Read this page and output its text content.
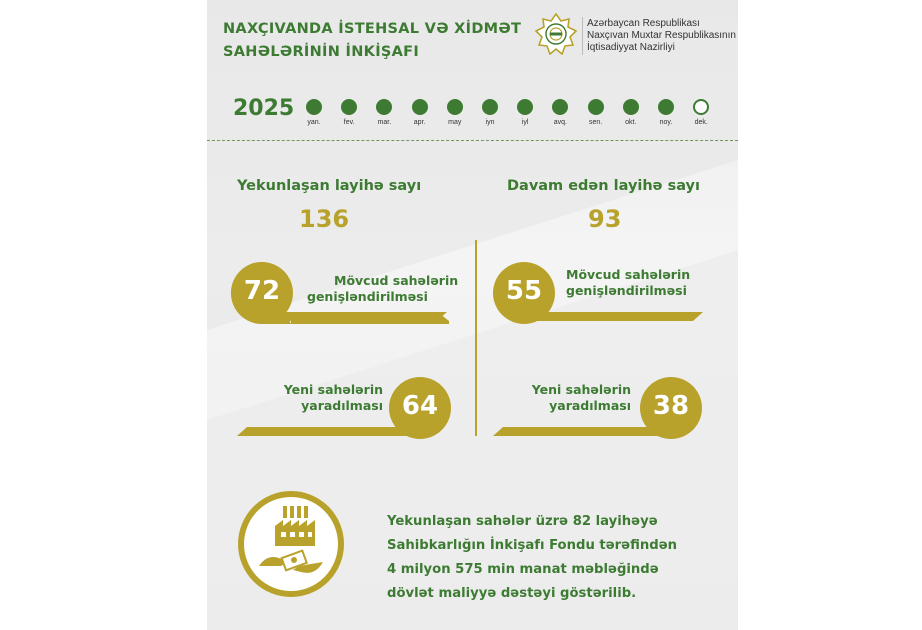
NAXÇIVANDA İSTEHSAL VƏ XİDMƏT
SAHƏLƏRİNİN İNKİŞAFI
Azərbaycan Respublikası
Naxçıvan Muxtar Respublikasının
İqtisadiyyat Nazirliyi
2025
yan.	fev.	mar.	apr.	may	iyn	iyl	avq.	sen.	okt.	noy.	dek.
Yekunlaşan layihə sayı
136
72	Mövcud sahələrin
genişləndirilməsi
64
Yeni sahələrin
yaradılması
Davam edən layihə sayı
93
55
Mövcud sahələrin
genişləndirilməsi
38
Yeni sahələrin
yaradılması
Yekunlaşan sahələr üzrə 82 layihəyə
Sahibkarlığın İnkişafı Fondu tərəfindən
4 milyon 575 min manat məbləğində
dövlət maliyyə dəstəyi göstərilib.
